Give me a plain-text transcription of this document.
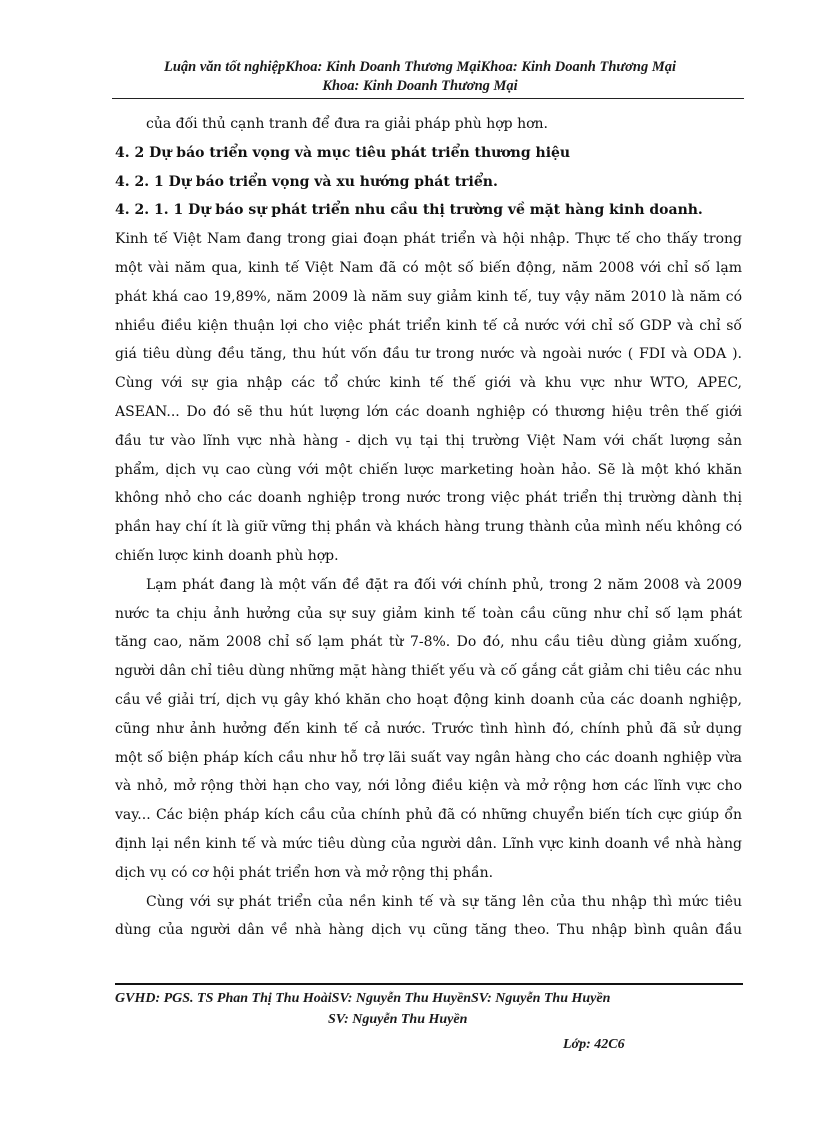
Luận văn tốt nghiệpKhoa: Kinh Doanh Thương MạiKhoa: Kinh Doanh Thương Mại
Khoa: Kinh Doanh Thương Mại
của đối thủ cạnh tranh để đưa ra giải pháp phù hợp hơn.
4. 2 Dự báo triển vọng và mục tiêu phát triển thương hiệu
4. 2. 1 Dự báo triển vọng và xu hướng phát triển.
4. 2. 1. 1 Dự báo sự phát triển nhu cầu thị trường về mặt hàng kinh doanh.
Kinh tế Việt Nam đang trong giai đoạn phát triển và hội nhập. Thực tế cho thấy trong
một vài năm qua, kinh tế Việt Nam đã có một số biến động, năm 2008 với chỉ số lạm
phát khá cao 19,89%, năm 2009 là năm suy giảm kinh tế, tuy vậy năm 2010 là năm có
nhiều điều kiện thuận lợi cho việc phát triển kinh tế cả nước với chỉ số GDP và chỉ số
giá tiêu dùng đều tăng, thu hút vốn đầu tư trong nước và ngoài nước ( FDI và ODA ).
Cùng với sự gia nhập các tổ chức kinh tế thế giới và khu vực như WTO, APEC,
ASEAN... Do đó sẽ thu hút lượng lớn các doanh nghiệp có thương hiệu trên thế giới
đầu tư vào lĩnh vực nhà hàng - dịch vụ tại thị trường Việt Nam với chất lượng sản
phẩm, dịch vụ cao cùng với một chiến lược marketing hoàn hảo. Sẽ là một khó khăn
không nhỏ cho các doanh nghiệp trong nước trong việc phát triển thị trường dành thị
phần hay chí ít là giữ vững thị phần và khách hàng trung thành của mình nếu không có
chiến lược kinh doanh phù hợp.
Lạm phát đang là một vấn đề đặt ra đối với chính phủ, trong 2 năm 2008 và 2009
nước ta chịu ảnh hưởng của sự suy giảm kinh tế toàn cầu cũng như chỉ số lạm phát
tăng cao, năm 2008 chỉ số lạm phát từ 7-8%. Do đó, nhu cầu tiêu dùng giảm xuống,
người dân chỉ tiêu dùng những mặt hàng thiết yếu và cố gắng cắt giảm chi tiêu các nhu
cầu về giải trí, dịch vụ gây khó khăn cho hoạt động kinh doanh của các doanh nghiệp,
cũng như ảnh hưởng đến kinh tế cả nước. Trước tình hình đó, chính phủ đã sử dụng
một số biện pháp kích cầu như hỗ trợ lãi suất vay ngân hàng cho các doanh nghiệp vừa
và nhỏ, mở rộng thời hạn cho vay, nới lỏng điều kiện và mở rộng hơn các lĩnh vực cho
vay... Các biện pháp kích cầu của chính phủ đã có những chuyển biến tích cực giúp ổn
định lại nền kinh tế và mức tiêu dùng của người dân. Lĩnh vực kinh doanh về nhà hàng
dịch vụ có cơ hội phát triển hơn và mở rộng thị phần.
Cùng với sự phát triển của nền kinh tế và sự tăng lên của thu nhập thì mức tiêu
dùng của người dân về nhà hàng dịch vụ cũng tăng theo. Thu nhập bình quân đầu
GVHD: PGS. TS Phan Thị Thu HoàiSV: Nguyễn Thu HuyềnSV: Nguyễn Thu Huyền
SV: Nguyễn Thu Huyền
Lớp: 42C6
